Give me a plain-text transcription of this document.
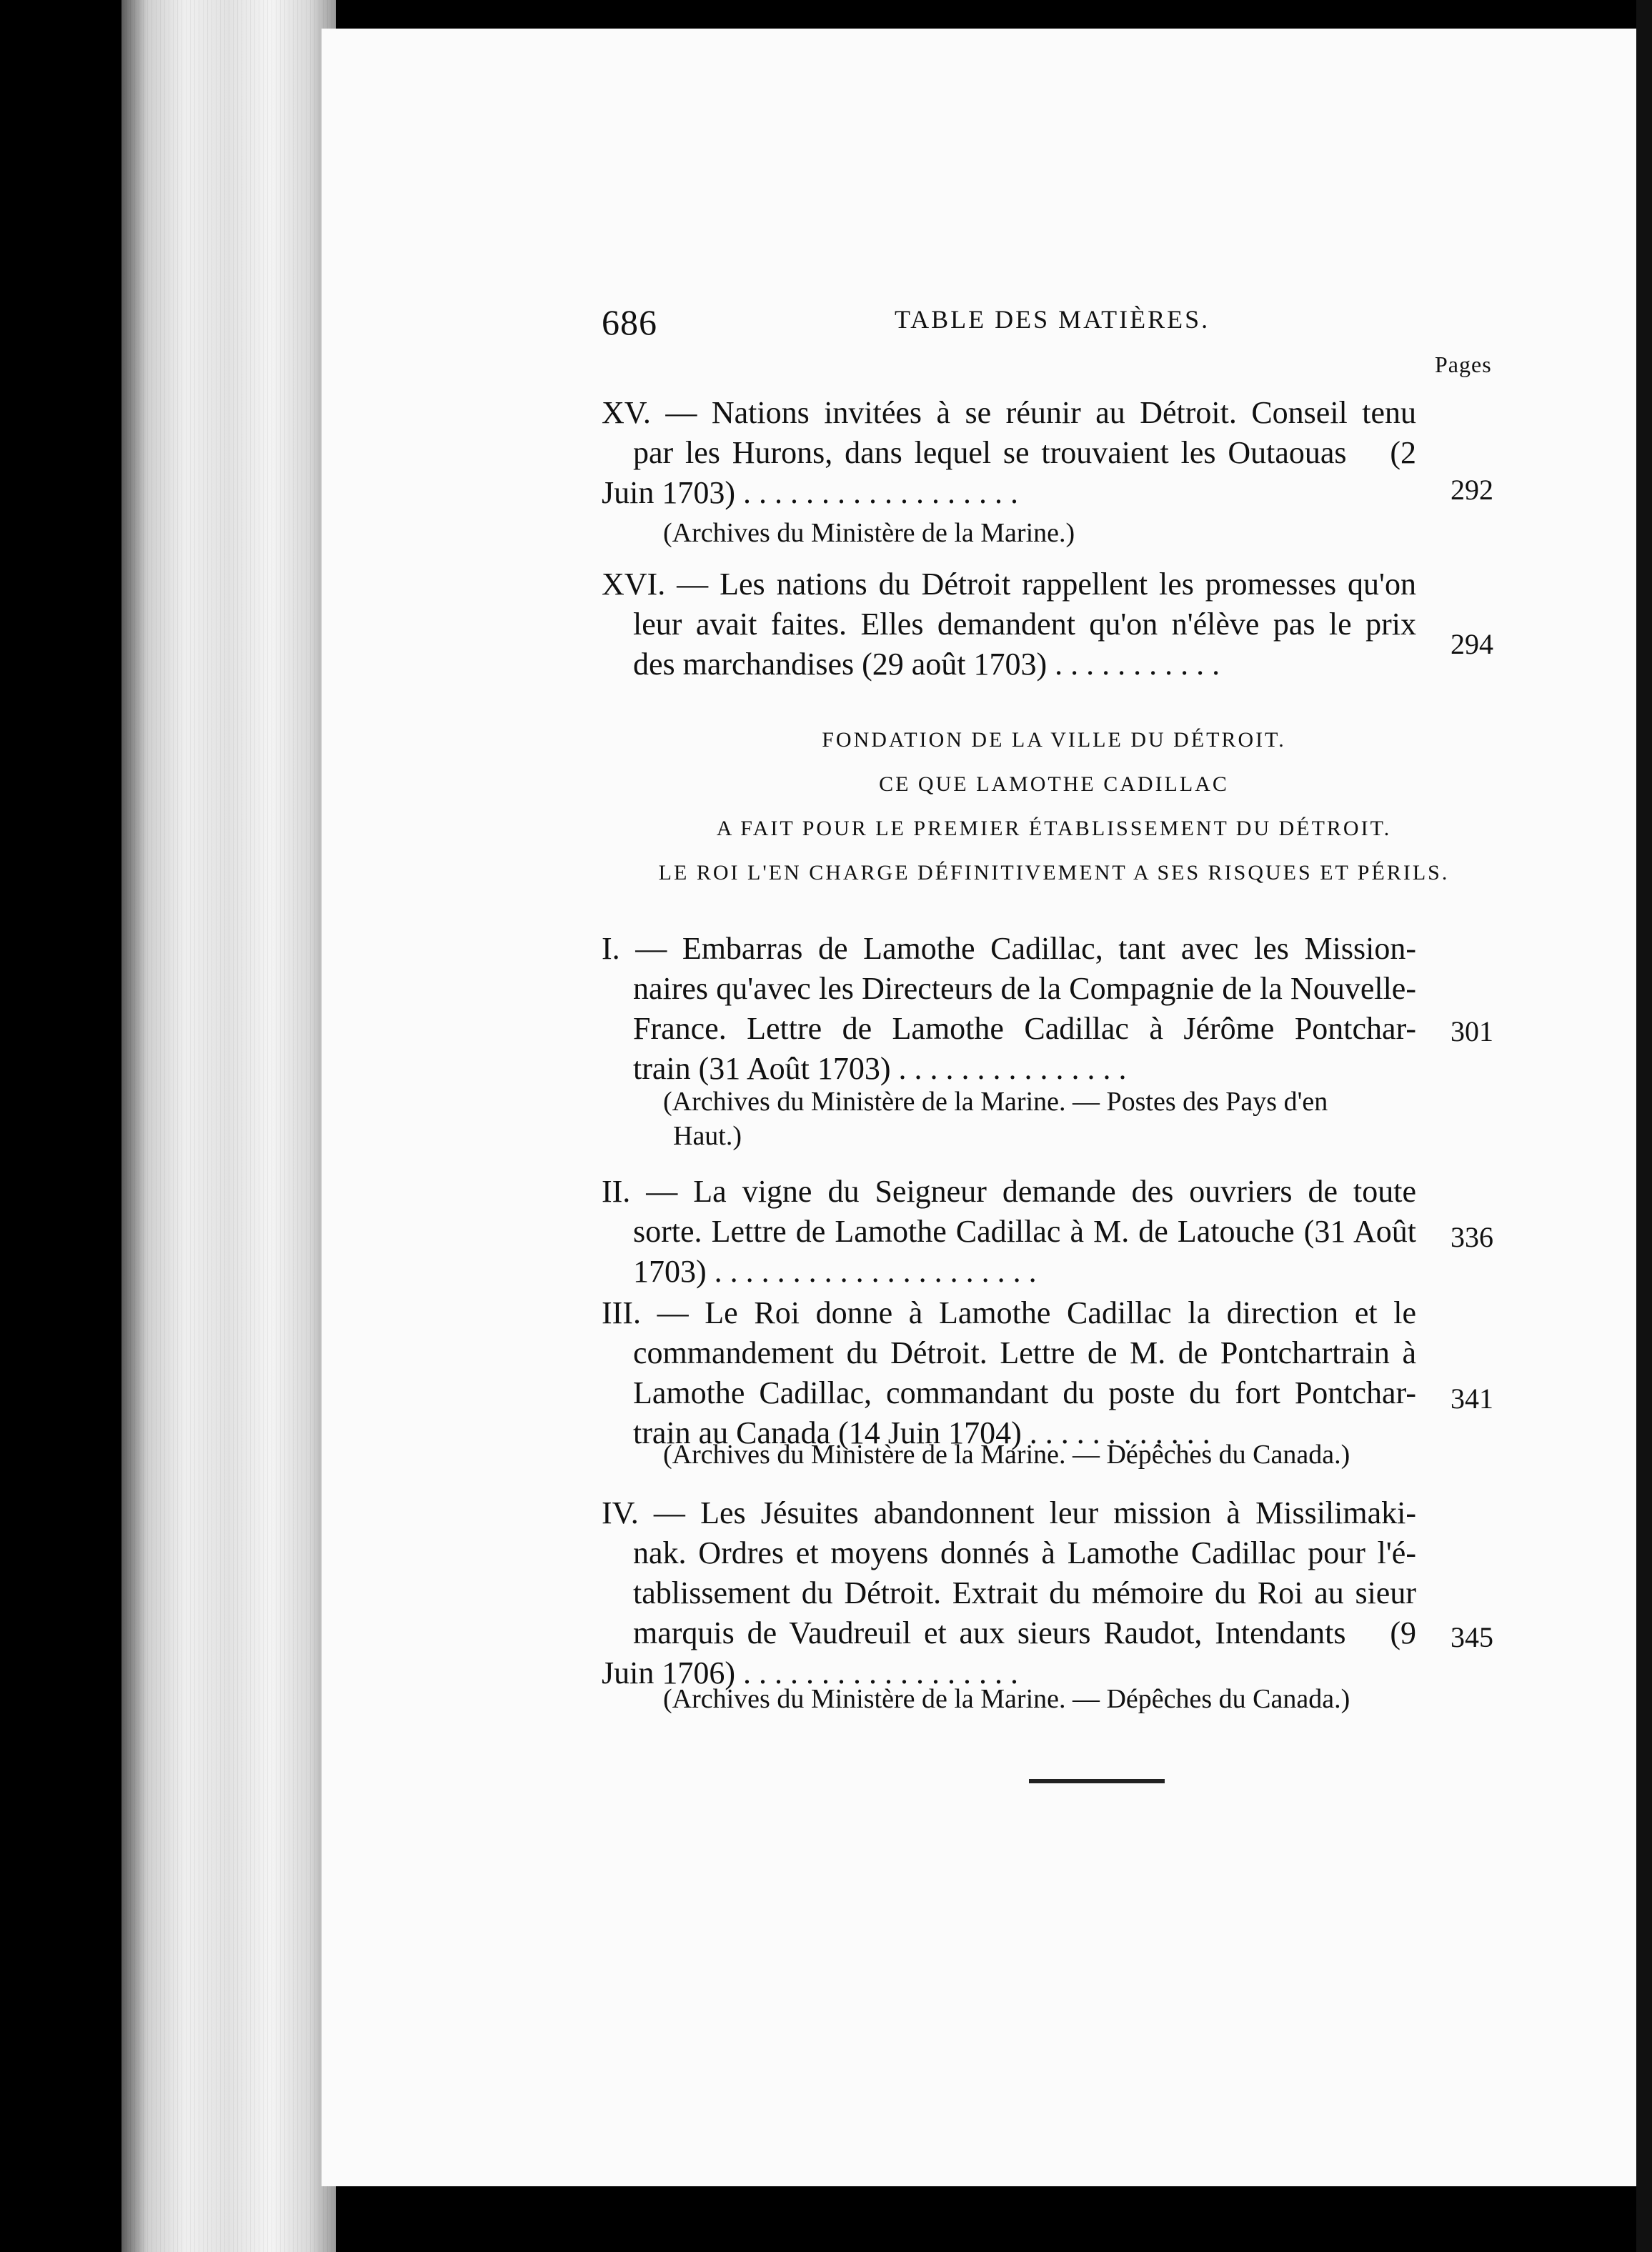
686	TABLE DES MATIÈRES.
Pages
XV. — Nations invitées à se réunir au Détroit. Conseil tenu par les Hurons, dans lequel se trouvaient les Outaouas (2 Juin 1703) . . . . . . . . . . . . . . . . . .	292
(Archives du Ministère de la Marine.)
XVI. — Les nations du Détroit rappellent les promesses qu'on leur avait faites. Elles demandent qu'on n'élève pas le prix des marchandises (29 août 1703) . . . . . . . . . . .
294
FONDATION DE LA VILLE DU DÉTROIT.
CE QUE LAMOTHE CADILLAC
A FAIT POUR LE PREMIER ÉTABLISSEMENT DU DÉTROIT.
LE ROI L'EN CHARGE DÉFINITIVEMENT A SES RISQUES ET PÉRILS.
I. — Embarras de Lamothe Cadillac, tant avec les Mission- naires qu'avec les Directeurs de la Compagnie de la Nouvelle- France. Lettre de Lamothe Cadillac à Jérôme Pontchar- train (31 Août 1703) . . . . . . . . . . . . . . .
301
(Archives du Ministère de la Marine. — Postes des Pays d'en
Haut.)
II. — La vigne du Seigneur demande des ouvriers de toute sorte. Lettre de Lamothe Cadillac à M. de Latouche (31 Août 1703) . . . . . . . . . . . . . . . . . . . . .
336
III. — Le Roi donne à Lamothe Cadillac la direction et le commandement du Détroit. Lettre de M. de Pontchartrain à Lamothe Cadillac, commandant du poste du fort Pontchar- train au Canada (14 Juin 1704) . . . . . . . . . . . .
341
(Archives du Ministère de la Marine. — Dépêches du Canada.)
IV. — Les Jésuites abandonnent leur mission à Missilimaki- nak. Ordres et moyens donnés à Lamothe Cadillac pour l'é- tablissement du Détroit. Extrait du mémoire du Roi au sieur marquis de Vaudreuil et aux sieurs Raudot, Intendants (9 Juin 1706) . . . . . . . . . . . . . . . . . .
345
(Archives du Ministère de la Marine. — Dépêches du Canada.)
